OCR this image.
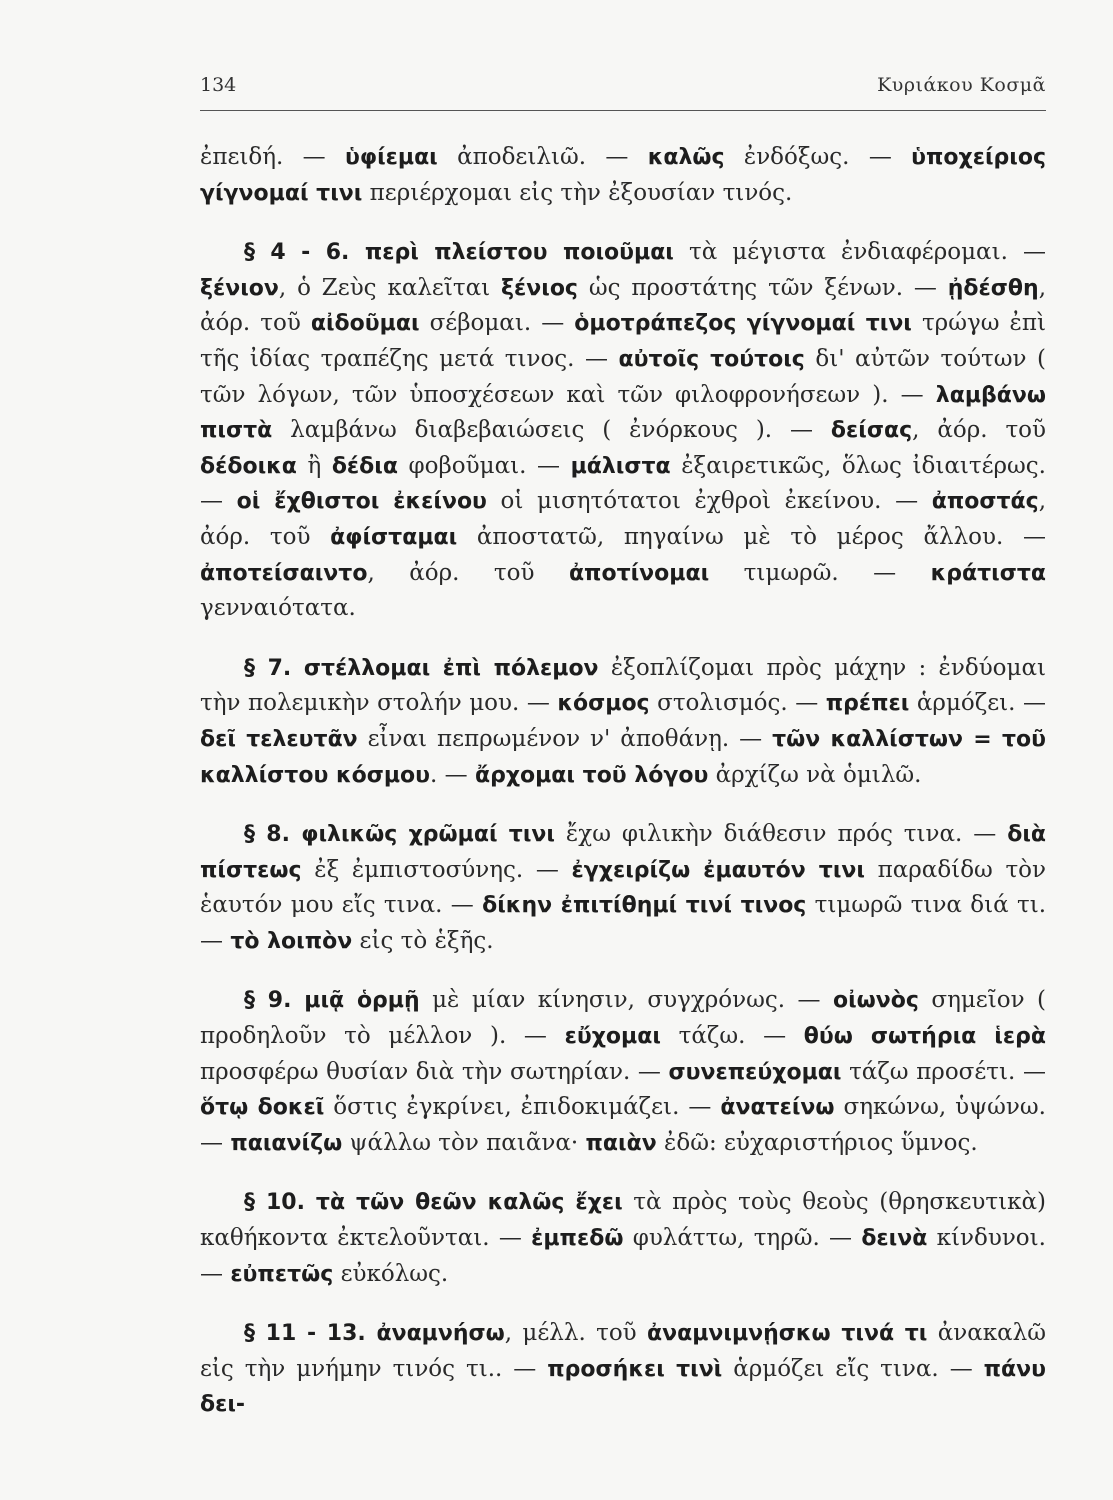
134	Κυριάκου Κοσμᾶ

ἐπειδή. — ὑφίεμαι ἀποδειλιῶ. — καλῶς ἐνδόξως. — ὑποχείριος γίγνομαί τινι περιέρχομαι εἰς τὴν ἐξουσίαν τινός.

§ 4 - 6. περὶ πλείστου ποιοῦμαι τὰ μέγιστα ἐνδιαφέρομαι. — ξένιον, ὁ Ζεὺς καλεῖται ξένιος ὡς προστάτης τῶν ξένων. — ᾐδέσθη, ἀόρ. τοῦ αἰδοῦμαι σέβομαι. — ὁμοτράπεζος γίγνομαί τινι τρώγω ἐπὶ τῆς ἰδίας τραπέζης μετά τινος. — αὐτοῖς τούτοις δι' αὐτῶν τούτων ( τῶν λόγων, τῶν ὑποσχέσεων καὶ τῶν φιλοφρονήσεων ). — λαμβάνω πιστὰ λαμβάνω διαβεβαιώσεις ( ἐνόρκους ). — δείσας, ἀόρ. τοῦ δέδοικα ἢ δέδια φοβοῦμαι. — μάλιστα ἐξαιρετικῶς, ὅλως ἰδιαιτέρως. — οἱ ἔχθιστοι ἐκείνου οἱ μισητότατοι ἐχθροὶ ἐκείνου. — ἀποστάς, ἀόρ. τοῦ ἀφίσταμαι ἀποστατῶ, πηγαίνω μὲ τὸ μέρος ἄλλου. — ἀποτείσαιντο, ἀόρ. τοῦ ἀποτίνομαι τιμωρῶ. — κράτιστα γενναιότατα.

§ 7. στέλλομαι ἐπὶ πόλεμον ἐξοπλίζομαι πρὸς μάχην : ἐνδύομαι τὴν πολεμικὴν στολήν μου. — κόσμος στολισμός. — πρέπει ἁρμόζει. — δεῖ τελευτᾶν εἶναι πεπρωμένον ν' ἀποθάνῃ. — τῶν καλλίστων = τοῦ καλλίστου κόσμου. — ἄρχομαι τοῦ λόγου ἀρχίζω νὰ ὁμιλῶ.

§ 8. φιλικῶς χρῶμαί τινι ἔχω φιλικὴν διάθεσιν πρός τινα. — διὰ πίστεως ἐξ ἐμπιστοσύνης. — ἐγχειρίζω ἐμαυτόν τινι παραδίδω τὸν ἑαυτόν μου εἴς τινα. — δίκην ἐπιτίθημί τινί τινος τιμωρῶ τινα διά τι. — τὸ λοιπὸν εἰς τὸ ἑξῆς.

§ 9. μιᾷ ὁρμῇ μὲ μίαν κίνησιν, συγχρόνως. — οἰωνὸς σημεῖον ( προδηλοῦν τὸ μέλλον ). — εὔχομαι τάζω. — θύω σωτήρια ἱερὰ προσφέρω θυσίαν διὰ τὴν σωτηρίαν. — συνεπεύχομαι τάζω προσέτι. — ὅτῳ δοκεῖ ὅστις ἐγκρίνει, ἐπιδοκιμάζει. — ἀνατείνω σηκώνω, ὑψώνω. — παιανίζω ψάλλω τὸν παιᾶνα· παιὰν ἐδῶ: εὐχαριστήριος ὕμνος.

§ 10. τὰ τῶν θεῶν καλῶς ἔχει τὰ πρὸς τοὺς θεοὺς (θρησκευτικὰ) καθήκοντα ἐκτελοῦνται. — ἐμπεδῶ φυλάττω, τηρῶ. — δεινὰ κίνδυνοι. — εὐπετῶς εὐκόλως.

§ 11 - 13. ἀναμνήσω, μέλλ. τοῦ ἀναμνιμνῄσκω τινά τι ἀνακαλῶ εἰς τὴν μνήμην τινός τι.. — προσήκει τινὶ ἁρμόζει εἴς τινα. — πάνυ δει-
